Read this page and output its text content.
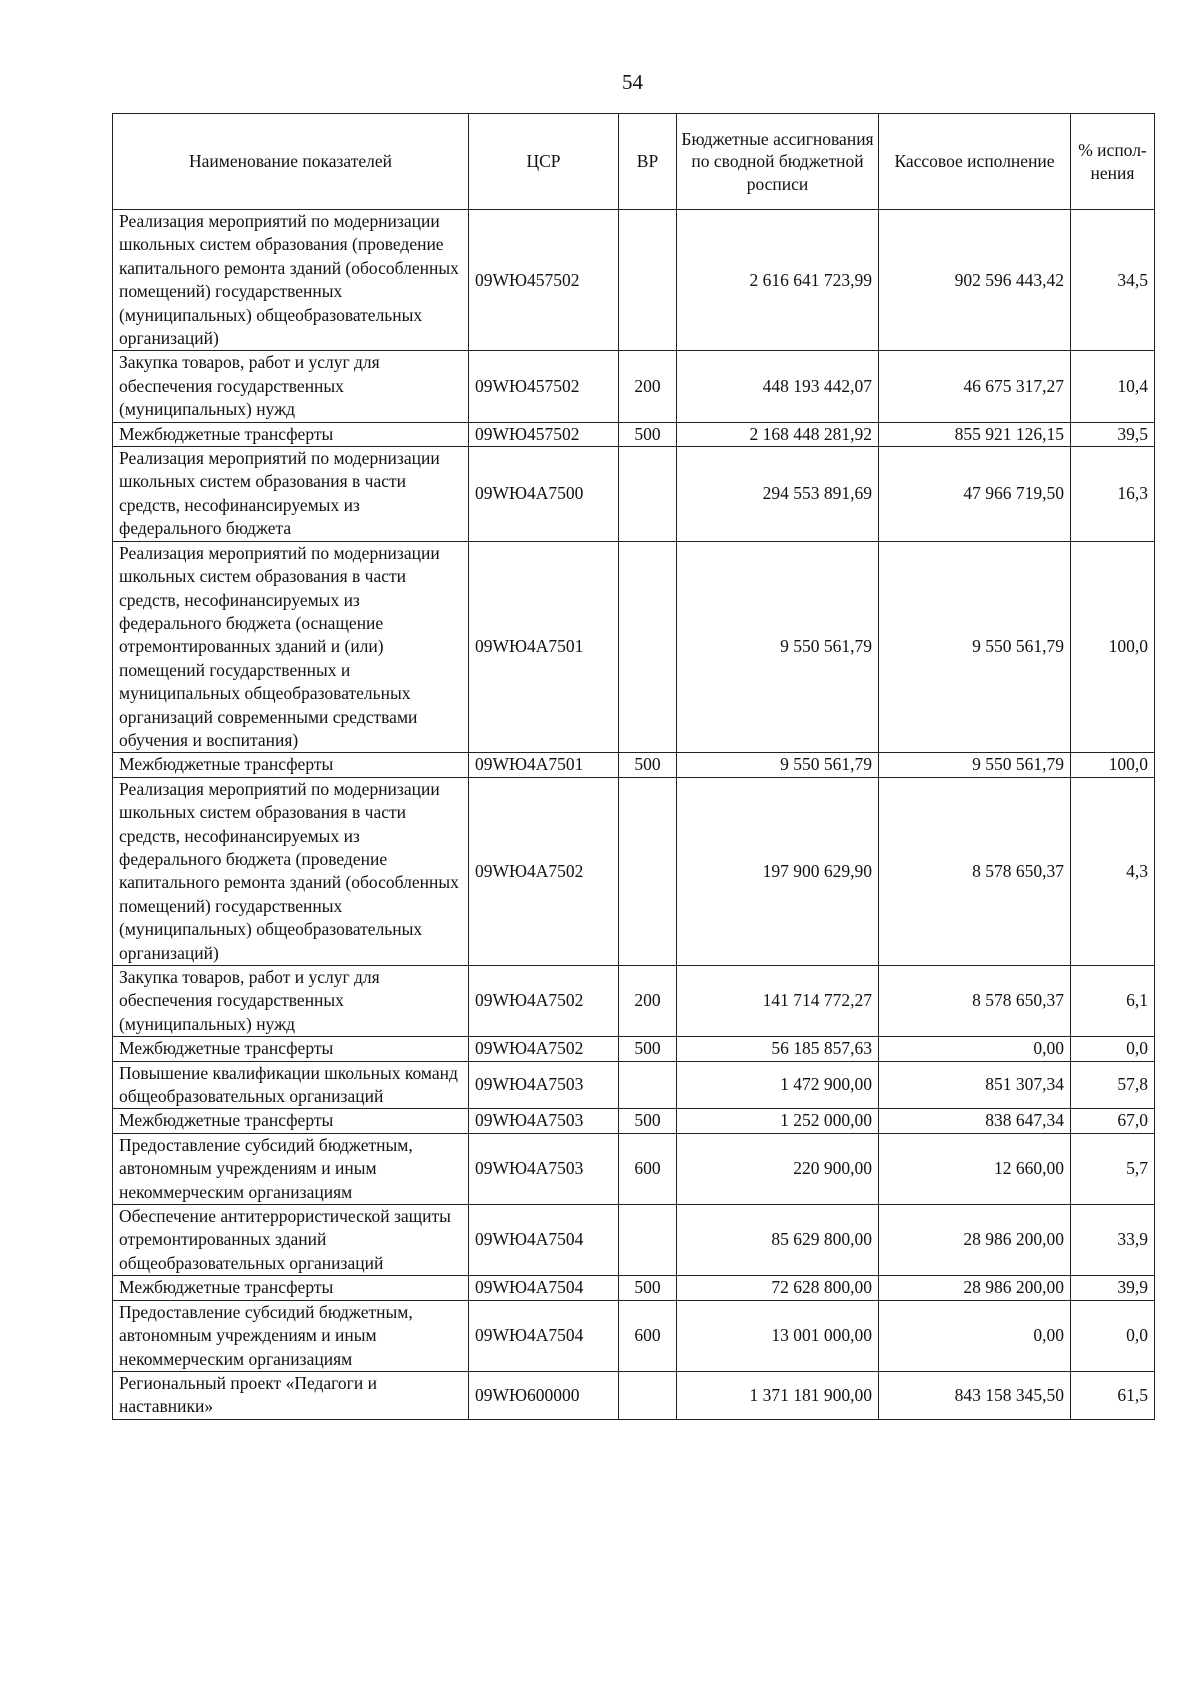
54
Наименование показателей	ЦСР	ВР	Бюджетные ассигнования по сводной бюджетной росписи	Кассовое исполнение	% испол-нения
Реализация мероприятий по модернизации школьных систем образования (проведение капитального ремонта зданий (обособленных помещений) государственных (муниципальных) общеобразовательных организаций)	09WЮ457502		2 616 641 723,99	902 596 443,42	34,5
Закупка товаров, работ и услуг для обеспечения государственных (муниципальных) нужд	09WЮ457502	200	448 193 442,07	46 675 317,27	10,4
Межбюджетные трансферты	09WЮ457502	500	2 168 448 281,92	855 921 126,15	39,5
Реализация мероприятий по модернизации школьных систем образования в части средств, несофинансируемых из федерального бюджета	09WЮ4A7500		294 553 891,69	47 966 719,50	16,3
Реализация мероприятий по модернизации школьных систем образования в части средств, несофинансируемых из федерального бюджета (оснащение отремонтированных зданий и (или) помещений государственных и муниципальных общеобразовательных организаций современными средствами обучения и воспитания)	09WЮ4A7501		9 550 561,79	9 550 561,79	100,0
Межбюджетные трансферты	09WЮ4A7501	500	9 550 561,79	9 550 561,79	100,0
Реализация мероприятий по модернизации школьных систем образования в части средств, несофинансируемых из федерального бюджета (проведение капитального ремонта зданий (обособленных помещений) государственных (муниципальных) общеобразовательных организаций)	09WЮ4A7502		197 900 629,90	8 578 650,37	4,3
Закупка товаров, работ и услуг для обеспечения государственных (муниципальных) нужд	09WЮ4A7502	200	141 714 772,27	8 578 650,37	6,1
Межбюджетные трансферты	09WЮ4A7502	500	56 185 857,63	0,00	0,0
Повышение квалификации школьных команд общеобразовательных организаций	09WЮ4A7503		1 472 900,00	851 307,34	57,8
Межбюджетные трансферты	09WЮ4A7503	500	1 252 000,00	838 647,34	67,0
Предоставление субсидий бюджетным, автономным учреждениям и иным некоммерческим организациям	09WЮ4A7503	600	220 900,00	12 660,00	5,7
Обеспечение антитеррористической защиты отремонтированных зданий общеобразовательных организаций	09WЮ4A7504		85 629 800,00	28 986 200,00	33,9
Межбюджетные трансферты	09WЮ4A7504	500	72 628 800,00	28 986 200,00	39,9
Предоставление субсидий бюджетным, автономным учреждениям и иным некоммерческим организациям	09WЮ4A7504	600	13 001 000,00	0,00	0,0
Региональный проект «Педагоги и наставники»	09WЮ600000		1 371 181 900,00	843 158 345,50	61,5
